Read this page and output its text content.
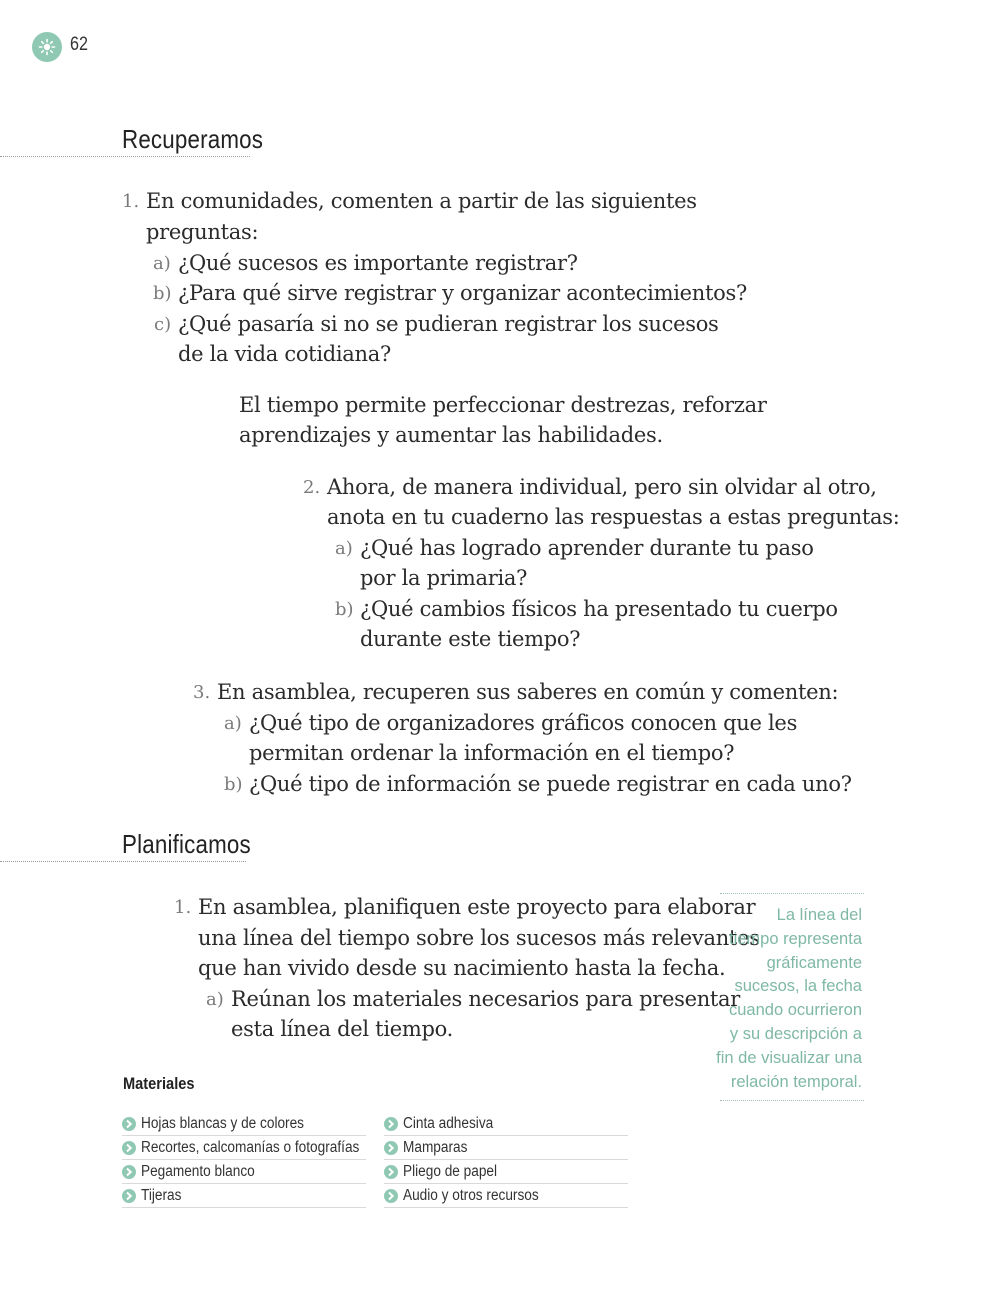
62
Recuperamos
1. En comunidades, comenten a partir de las siguientes
preguntas:
a) ¿Qué sucesos es importante registrar?
b) ¿Para qué sirve registrar y organizar acontecimientos?
c) ¿Qué pasaría si no se pudieran registrar los sucesos
de la vida cotidiana?
El tiempo permite perfeccionar destrezas, reforzar
aprendizajes y aumentar las habilidades.
2. Ahora, de manera individual, pero sin olvidar al otro,
anota en tu cuaderno las respuestas a estas preguntas:
a) ¿Qué has logrado aprender durante tu paso
por la primaria?
b) ¿Qué cambios físicos ha presentado tu cuerpo
durante este tiempo?
3. En asamblea, recuperen sus saberes en común y comenten:
a) ¿Qué tipo de organizadores gráficos conocen que les
permitan ordenar la información en el tiempo?
b) ¿Qué tipo de información se puede registrar en cada uno?
Planificamos
1. En asamblea, planifiquen este proyecto para elaborar
una línea del tiempo sobre los sucesos más relevantes
que han vivido desde su nacimiento hasta la fecha.
a) Reúnan los materiales necesarios para presentar
esta línea del tiempo.
La línea del
tiempo representa
gráficamente
sucesos, la fecha
cuando ocurrieron
y su descripción a
fin de visualizar una
relación temporal.
Materiales
Hojas blancas y de colores
Recortes, calcomanías o fotografías
Pegamento blanco
Tijeras
Cinta adhesiva
Mamparas
Pliego de papel
Audio y otros recursos
